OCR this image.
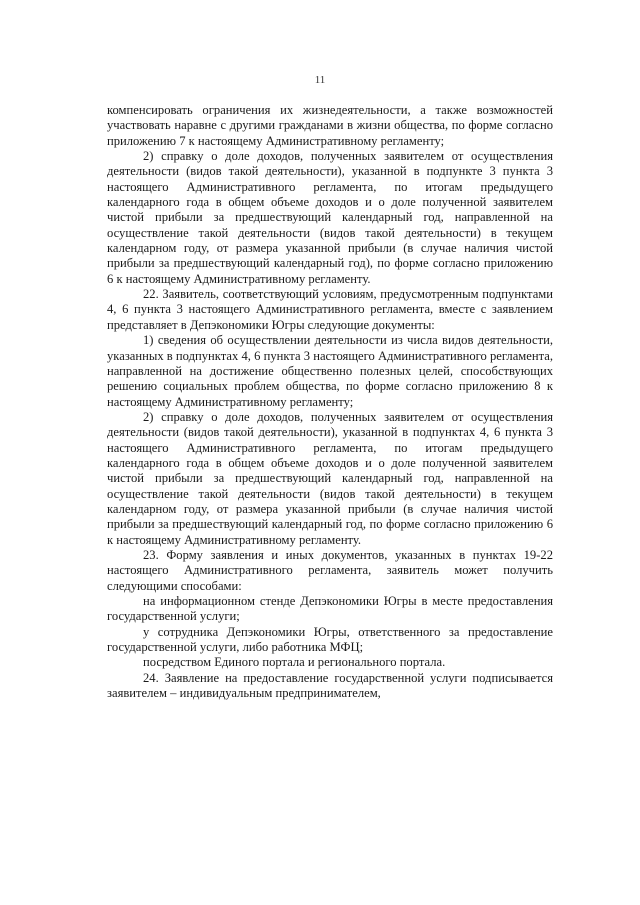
11

компенсировать ограничения их жизнедеятельности, а также возможностей участвовать наравне с другими гражданами в жизни общества, по форме согласно приложению 7 к настоящему Административному регламенту;

2) справку о доле доходов, полученных заявителем от осуществления деятельности (видов такой деятельности), указанной в подпункте 3 пункта 3 настоящего Административного регламента, по итогам предыдущего календарного года в общем объеме доходов и о доле полученной заявителем чистой прибыли за предшествующий календарный год, направленной на осуществление такой деятельности (видов такой деятельности) в текущем календарном году, от размера указанной прибыли (в случае наличия чистой прибыли за предшествующий календарный год), по форме согласно приложению 6 к настоящему Административному регламенту.

22. Заявитель, соответствующий условиям, предусмотренным подпунктами 4, 6 пункта 3 настоящего Административного регламента, вместе с заявлением представляет в Депэкономики Югры следующие документы:

1) сведения об осуществлении деятельности из числа видов деятельности, указанных в подпунктах 4, 6 пункта 3 настоящего Административного регламента, направленной на достижение общественно полезных целей, способствующих решению социальных проблем общества, по форме согласно приложению 8 к настоящему Административному регламенту;

2) справку о доле доходов, полученных заявителем от осуществления деятельности (видов такой деятельности), указанной в подпунктах 4, 6 пункта 3 настоящего Административного регламента, по итогам предыдущего календарного года в общем объеме доходов и о доле полученной заявителем чистой прибыли за предшествующий календарный год, направленной на осуществление такой деятельности (видов такой деятельности) в текущем календарном году, от размера указанной прибыли (в случае наличия чистой прибыли за предшествующий календарный год, по форме согласно приложению 6 к настоящему Административному регламенту.

23. Форму заявления и иных документов, указанных в пунктах 19-22 настоящего Административного регламента, заявитель может получить следующими способами:

на информационном стенде Депэкономики Югры в месте предоставления государственной услуги;

у сотрудника Депэкономики Югры, ответственного за предоставление государственной услуги, либо работника МФЦ;

посредством Единого портала и регионального портала.

24. Заявление на предоставление государственной услуги подписывается заявителем – индивидуальным предпринимателем,
